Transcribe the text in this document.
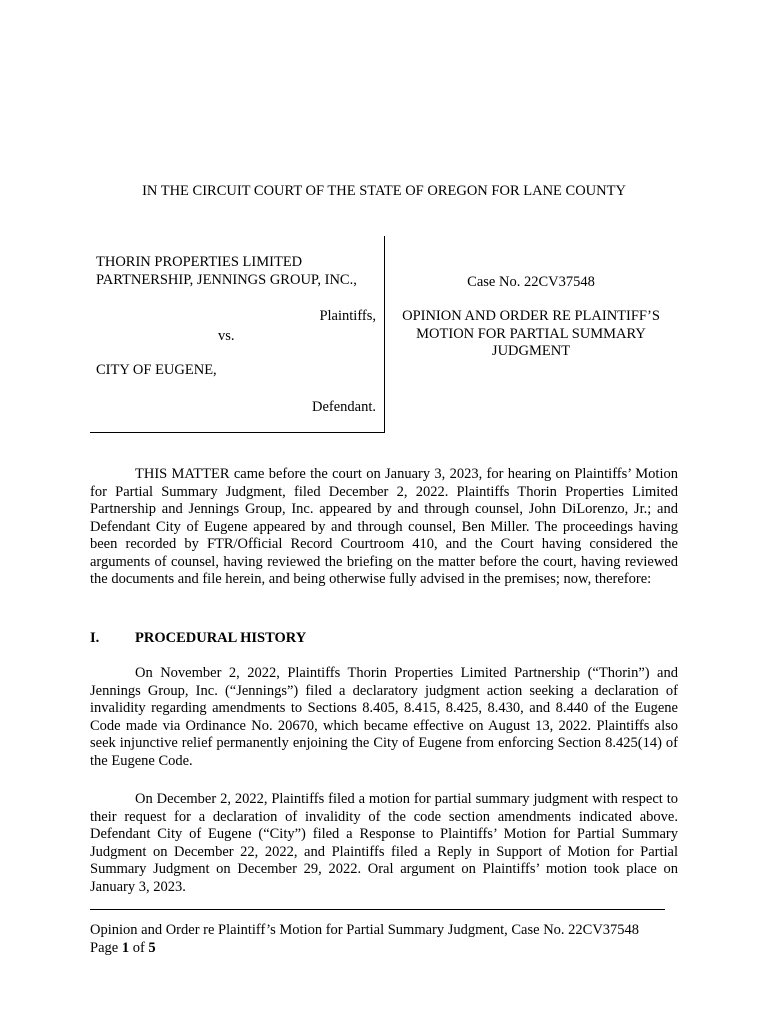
IN THE CIRCUIT COURT OF THE STATE OF OREGON FOR LANE COUNTY
THORIN PROPERTIES LIMITED
PARTNERSHIP, JENNINGS GROUP, INC.,
Plaintiffs,
vs.
CITY OF EUGENE,
Defendant.
Case No. 22CV37548
OPINION AND ORDER RE PLAINTIFF’S
MOTION FOR PARTIAL SUMMARY
JUDGMENT

THIS MATTER came before the court on January 3, 2023, for hearing on Plaintiffs’ Motion for Partial Summary Judgment, filed December 2, 2022. Plaintiffs Thorin Properties Limited Partnership and Jennings Group, Inc. appeared by and through counsel, John DiLorenzo, Jr.; and Defendant City of Eugene appeared by and through counsel, Ben Miller. The proceedings having been recorded by FTR/Official Record Courtroom 410, and the Court having considered the arguments of counsel, having reviewed the briefing on the matter before the court, having reviewed the documents and file herein, and being otherwise fully advised in the premises; now, therefore:

I. PROCEDURAL HISTORY

On November 2, 2022, Plaintiffs Thorin Properties Limited Partnership (“Thorin”) and Jennings Group, Inc. (“Jennings”) filed a declaratory judgment action seeking a declaration of invalidity regarding amendments to Sections 8.405, 8.415, 8.425, 8.430, and 8.440 of the Eugene Code made via Ordinance No. 20670, which became effective on August 13, 2022. Plaintiffs also seek injunctive relief permanently enjoining the City of Eugene from enforcing Section 8.425(14) of the Eugene Code.

On December 2, 2022, Plaintiffs filed a motion for partial summary judgment with respect to their request for a declaration of invalidity of the code section amendments indicated above. Defendant City of Eugene (“City”) filed a Response to Plaintiffs’ Motion for Partial Summary Judgment on December 22, 2022, and Plaintiffs filed a Reply in Support of Motion for Partial Summary Judgment on December 29, 2022. Oral argument on Plaintiffs’ motion took place on January 3, 2023.

Opinion and Order re Plaintiff’s Motion for Partial Summary Judgment, Case No. 22CV37548
Page 1 of 5
